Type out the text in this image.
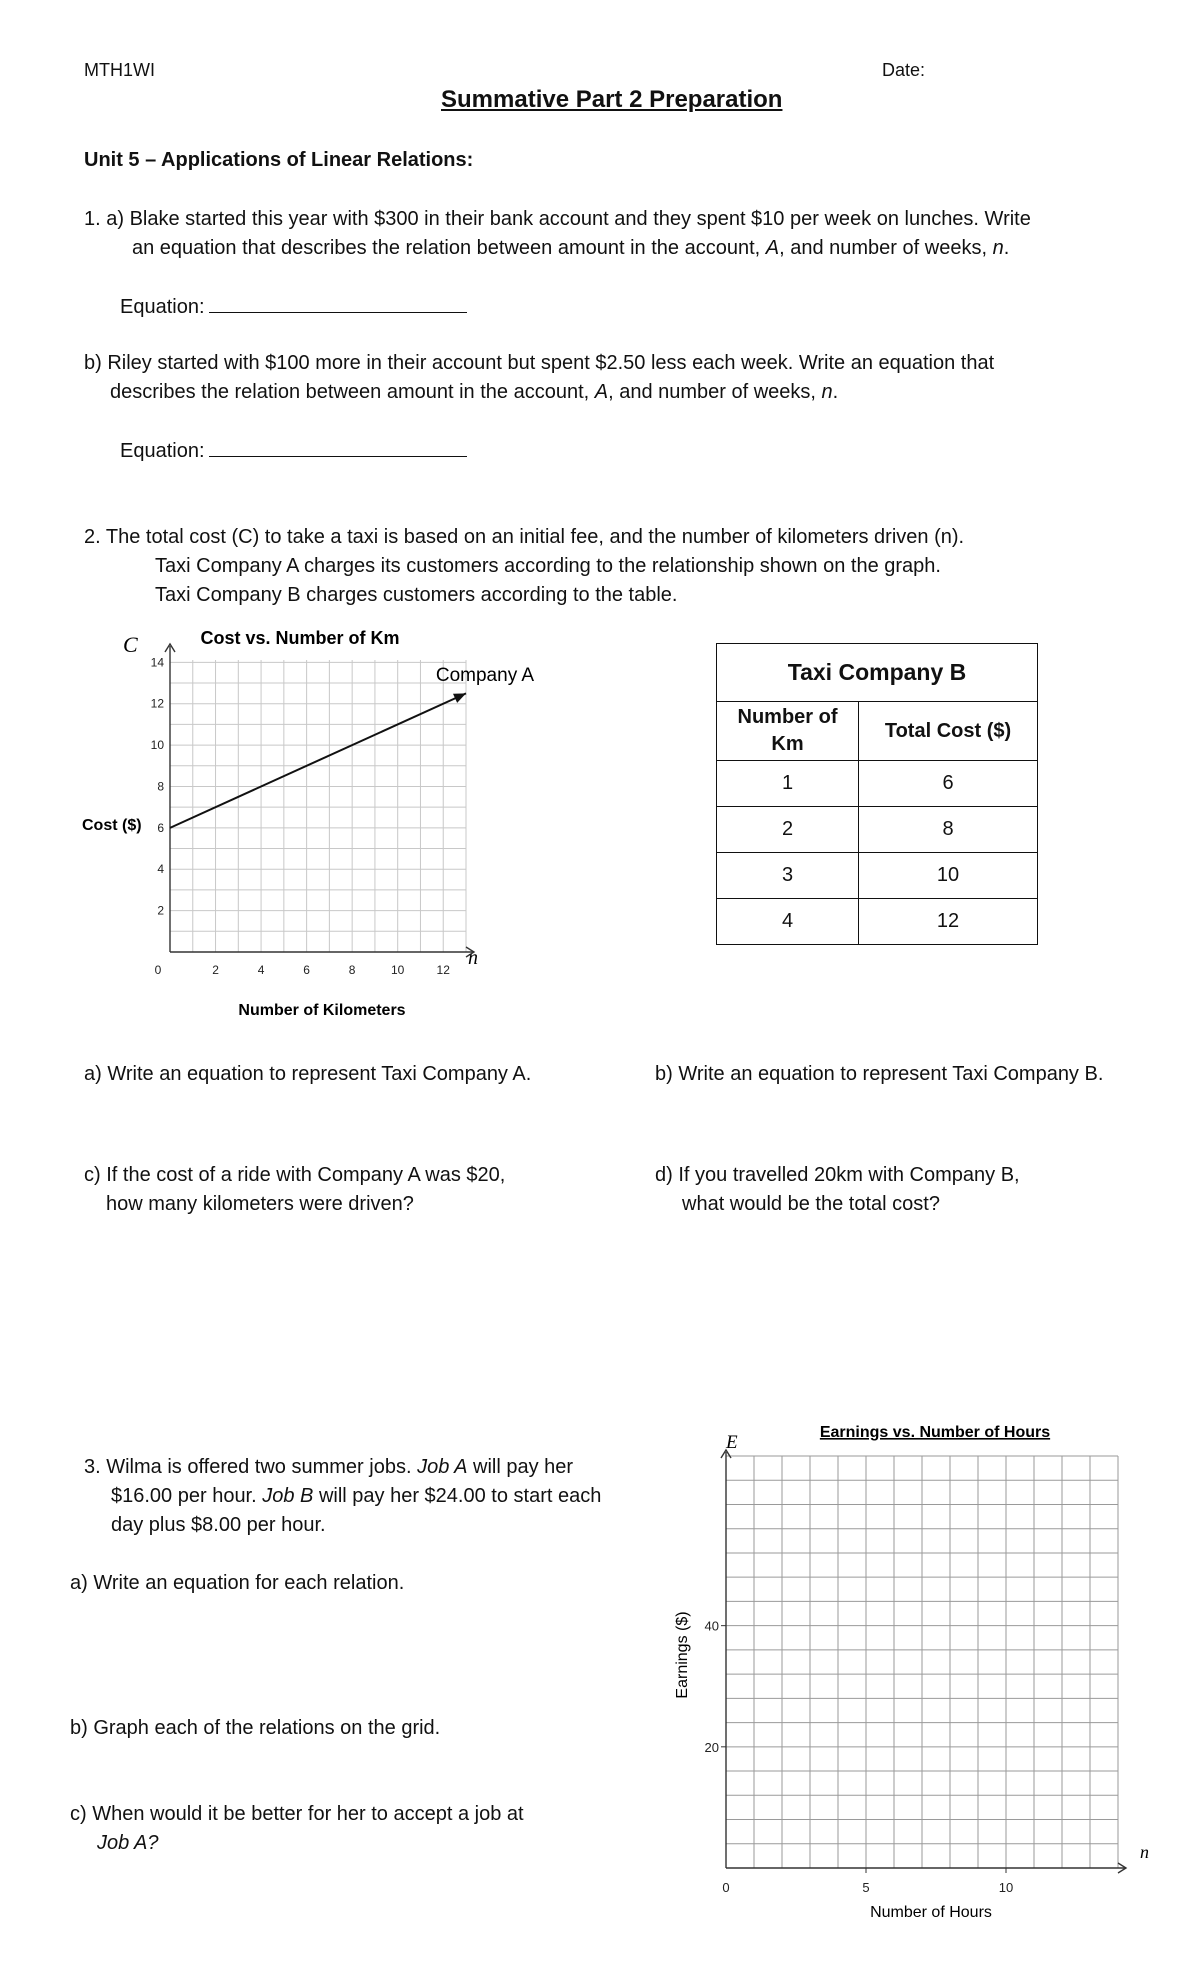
MTH1WI	Date:
Summative Part 2 Preparation
Unit 5 – Applications of Linear Relations:
1. a) Blake started this year with $300 in their bank account and they spent $10 per week on lunches. Write
an equation that describes the relation between amount in the account, A, and number of weeks, n.
Equation:
b) Riley started with $100 more in their account but spent $2.50 less each week. Write an equation that
describes the relation between amount in the account, A, and number of weeks, n.
Equation:
2. The total cost (C) to take a taxi is based on an initial fee, and the number of kilometers driven (n).
Taxi Company A charges its customers according to the relationship shown on the graph.
Taxi Company B charges customers according to the table.
0	2	4	6	8	10	12
2
4
6
8
10
12
14
Cost vs. Number of Km
C
n
Cost ($)
Number of Kilometers
Company A	Taxi Company B	
Number of
Km	Total Cost ($)
1	6
2	8
3	10
4	12
a) Write an equation to represent Taxi Company A.	b) Write an equation to represent Taxi Company B.
c) If the cost of a ride with Company A was $20,
how many kilometers were driven?
d) If you travelled 20km with Company B,
what would be the total cost?
3. Wilma is offered two summer jobs. Job A will pay her
$16.00 per hour. Job B will pay her $24.00 to start each
day plus $8.00 per hour.
a) Write an equation for each relation.
b) Graph each of the relations on the grid.
c) When would it be better for her to accept a job at
Job A?
0	5	10
20
40
Earnings vs. Number of Hours
E
n
Earnings ($)
Number of Hours
